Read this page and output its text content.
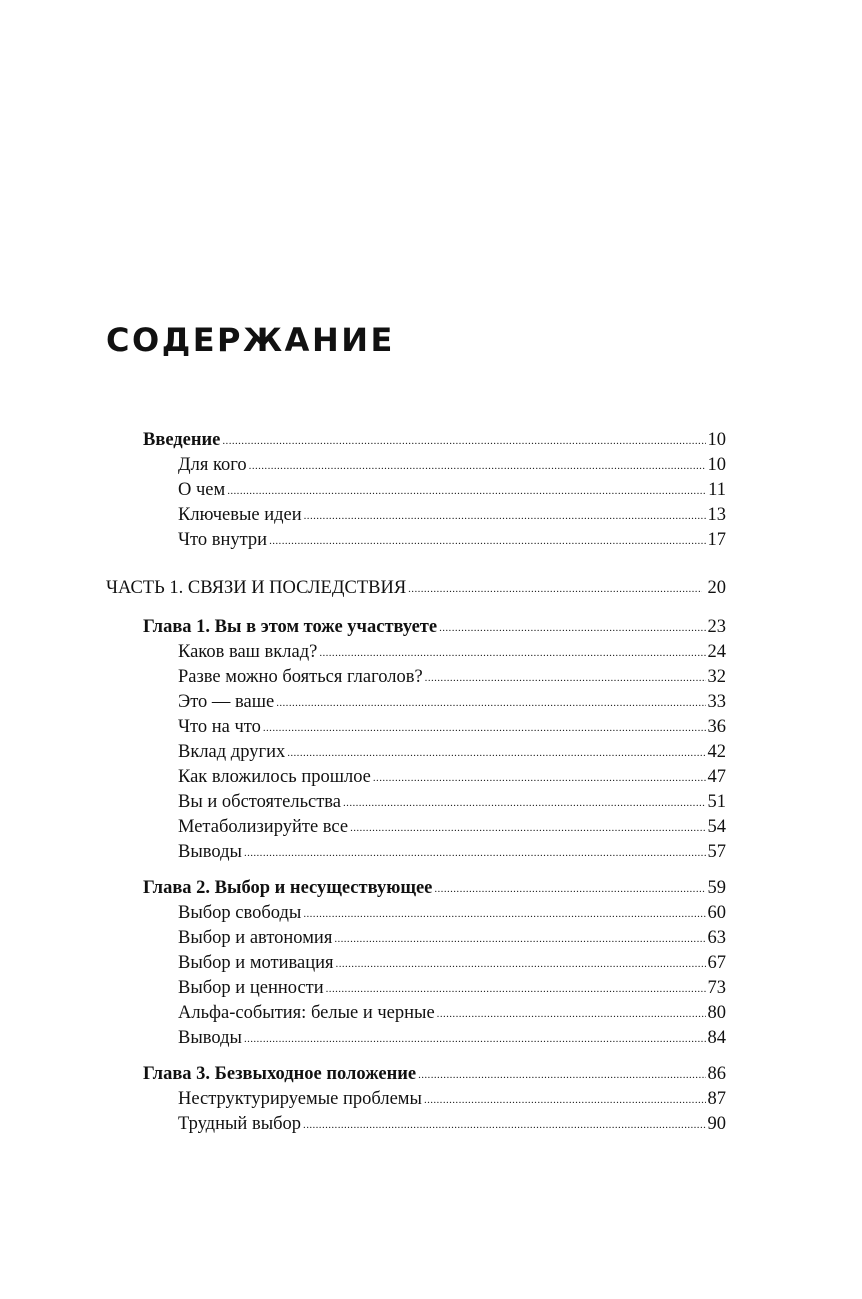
СОДЕРЖАНИЕ
Введение .....	10
Для кого .....	10
О чем .....	11
Ключевые идеи .....	13
Что внутри .....	17
ЧАСТЬ 1. СВЯЗИ И ПОСЛЕДСТВИЯ .....	20
Глава 1. Вы в этом тоже участвуете .....	23
Каков ваш вклад? .....	24
Разве можно бояться глаголов? .....	32
Это — ваше .....	33
Что на что .....	36
Вклад других .....	42
Как вложилось прошлое .....	47
Вы и обстоятельства .....	51
Метаболизируйте все .....	54
Выводы .....	57
Глава 2. Выбор и несуществующее .....	59
Выбор свободы .....	60
Выбор и автономия .....	63
Выбор и мотивация .....	67
Выбор и ценности .....	73
Альфа-события: белые и черные .....	80
Выводы .....	84
Глава 3. Безвыходное положение .....	86
Неструктурируемые проблемы .....	87
Трудный выбор .....	90
